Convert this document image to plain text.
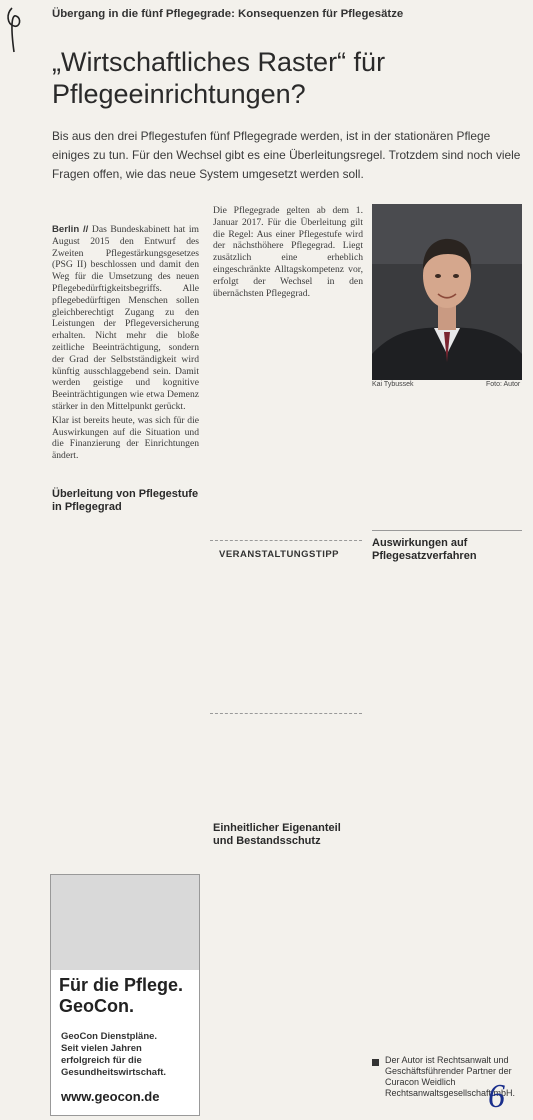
Übergang in die fünf Pflegegrade: Konsequenzen für Pflegesätze
„Wirtschaftliches Raster“ für Pflegeeinrichtungen?

Bis aus den drei Pflegestufen fünf Pflegegrade werden, ist in der stationären Pflege einiges zu tun. Für den Wechsel gibt es eine Überleitungsregel. Trotzdem sind noch viele Fragen offen, wie das neue System umgesetzt werden soll.

Berlin // Das Bundeskabinett hat im August 2015 den Entwurf des Zweiten Pflegestärkungsgesetzes (PSG II) beschlossen und damit den Weg für die Umsetzung des neuen Pflegebedürftigkeitsbegriffs. Alle pflegebedürftigen Menschen sollen gleichberechtigt Zugang zu den Leistungen der Pflegeversicherung erhalten. Nicht mehr die bloße zeitliche Beeinträchtigung, sondern der Grad der Selbstständigkeit wird künftig ausschlaggebend sein. Damit werden geistige und kognitive Beeinträchtigungen wie etwa Demenz stärker in den Mittelpunkt gerückt.

Klar ist bereits heute, was sich für die Auswirkungen auf die Situation und die Finanzierung der Einrichtungen ändert.

Überleitung von Pflegestufe in Pflegegrad

Die Pflegegrade gelten ab dem 1. Januar 2017. Für die Überleitung gilt die Regel: Aus einer Pflegestufe wird der nächsthöhere Pflegegrad. Liegt zusätzlich eine erheblich eingeschränkte Alltagskompetenz vor, erfolgt der Wechsel in den übernächsten Pflegegrad.

Kai Tybussek	Foto: Autor
VERANSTALTUNGSTIPP
Auswirkungen auf Pflegesatzverfahren
Einheitlicher Eigenanteil und Bestandsschutz
Für die Pflege.
GeoCon.
GeoCon Dienstpläne.
Seit vielen Jahren
erfolgreich für die
Gesundheitswirtschaft.
www.geocon.de
Der Autor ist Rechtsanwalt und Geschäftsführender Partner der Curacon Weidlich Rechtsanwaltsgesellschaft mbH.
6
